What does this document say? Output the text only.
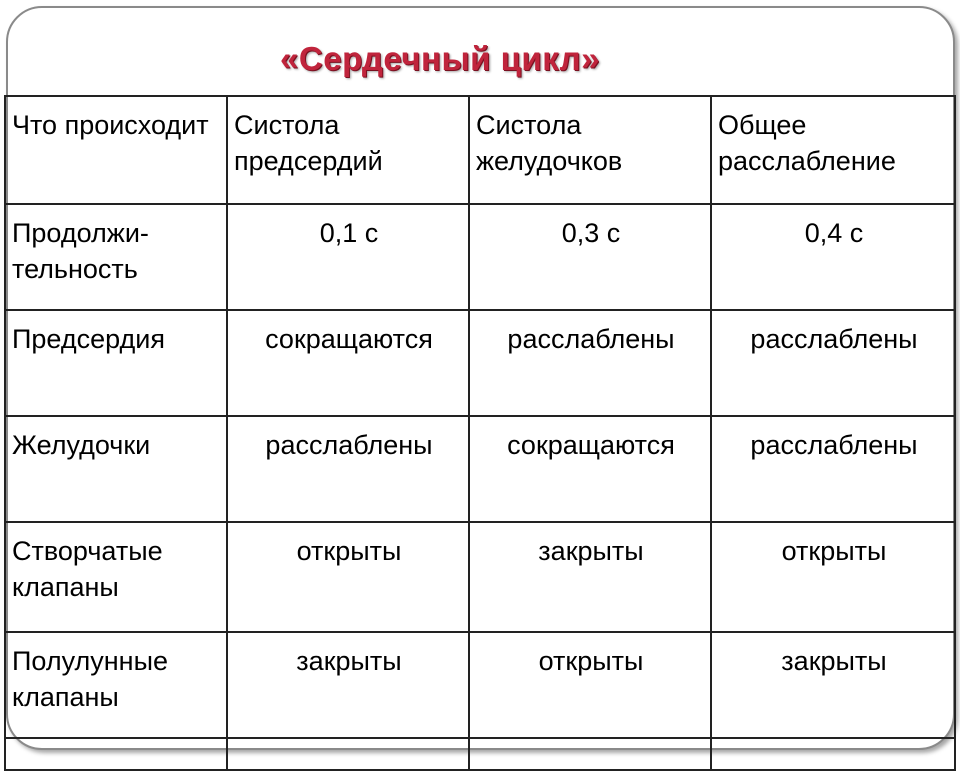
«Сердечный цикл»
Что происходит	Систола предсердий	Систола желудочков	Общее расслабление
Продолжи-тельность	0,1 с	0,3 с	0,4 с
Предсердия	сокращаются	расслаблены	расслаблены
Желудочки	расслаблены	сокращаются	расслаблены
Створчатые клапаны	открыты	закрыты	открыты
Полулунные клапаны	закрыты	открыты	закрыты
